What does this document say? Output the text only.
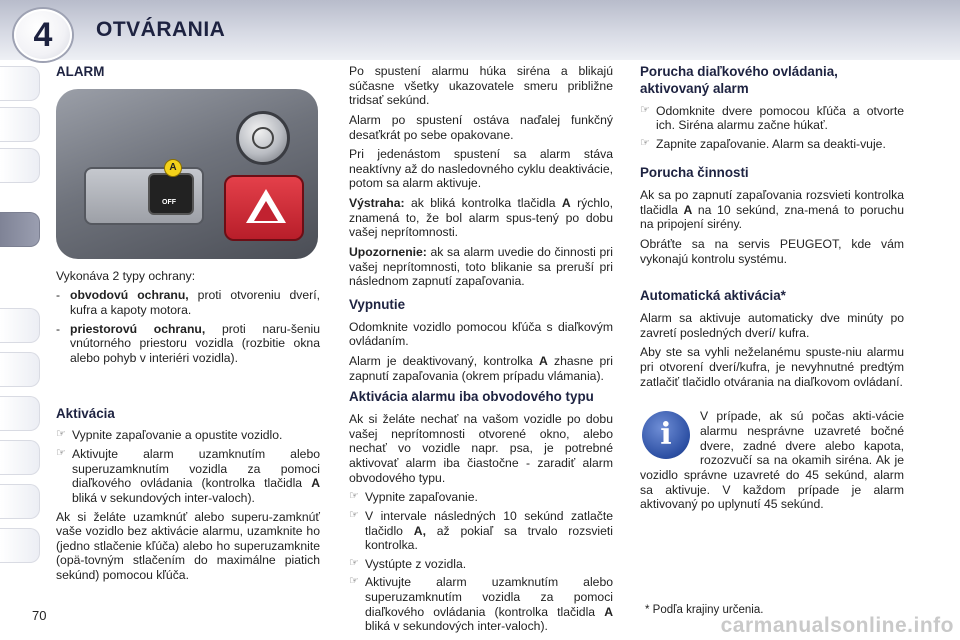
4 OTVÁRANIA
ALARM
OFF
A

Vykonáva 2 typy ochrany:

- obvodovú ochranu, proti otvoreniu dverí, kufra a kapoty motora.
- priestorovú ochranu, proti naru-šeniu vnútorného priestoru vozidla (rozbitie okna alebo pohyb v interiéri vozidla).
Aktivácia
☞ Vypnite zapaľovanie a opustite vozidlo.
☞ Aktivujte alarm uzamknutím alebo superuzamknutím vozidla za pomoci diaľkového ovládania (kontrolka tlačidla A bliká v sekundových inter-valoch).

Ak si želáte uzamknúť alebo superu-zamknúť vaše vozidlo bez aktivácie alarmu, uzamknite ho (jedno stlačenie kľúča) alebo ho superuzamknite (opä-tovným stlačením do maximálne piatich sekúnd) pomocou kľúča.

Po spustení alarmu húka siréna a blikajú súčasne všetky ukazovatele smeru približne tridsať sekúnd.

Alarm po spustení ostáva naďalej funkčný desaťkrát po sebe opakovane.

Pri jedenástom spustení sa alarm stáva neaktívny až do nasledovného cyklu deaktivácie, potom sa alarm aktivuje.

Výstraha: ak bliká kontrolka tlačidla A rýchlo, znamená to, že bol alarm spus-tený po dobu vašej neprítomnosti.

Upozornenie: ak sa alarm uvedie do činnosti pri vašej neprítomnosti, toto blikanie sa preruší pri následnom zapnutí zapaľovania.

Vypnutie

Odomknite vozidlo pomocou kľúča s diaľkovým ovládaním.

Alarm je deaktivovaný, kontrolka A zhasne pri zapnutí zapaľovania (okrem prípadu vlámania).

Aktivácia alarmu iba obvodového typu

Ak si želáte nechať na vašom vozidle po dobu vašej neprítomnosti otvorené okno, alebo nechať vo vozidle napr. psa, je potrebné aktivovať alarm iba čiastočne - zaradiť alarm obvodového typu.

☞ Vypnite zapaľovanie.
☞ V intervale následných 10 sekúnd zatlačte tlačidlo A, až pokiaľ sa trvalo rozsvieti kontrolka.
☞ Vystúpte z vozidla.
☞ Aktivujte alarm uzamknutím alebo superuzamknutím vozidla za pomoci diaľkového ovládania (kontrolka tlačidla A bliká v sekundových inter-valoch).
Porucha diaľkového ovládania, aktivovaný alarm
☞ Odomknite dvere pomocou kľúča a otvorte ich. Siréna alarmu začne húkať.
☞ Zapnite zapaľovanie. Alarm sa deakti-vuje.
Porucha činnosti

Ak sa po zapnutí zapaľovania rozsvieti kontrolka tlačidla A na 10 sekúnd, zna-mená to poruchu na pripojení sirény.

Obráťte sa na servis PEUGEOT, kde vám vykonajú kontrolu systému.

Automatická aktivácia*

Alarm sa aktivuje automaticky dve minúty po zavretí posledných dverí/ kufra.

Aby ste sa vyhli neželanému spuste-niu alarmu pri otvorení dverí/kufra, je nevyhnutné predtým zatlačiť tlačidlo otvárania na diaľkovom ovládaní.

i

V prípade, ak sú počas akti-vácie alarmu nesprávne uzavreté bočné dvere, zadné dvere alebo kapota, rozozvučí sa na okamih siréna. Ak je vozidlo správne uzavreté do 45 sekúnd, alarm sa aktivuje. V každom prípade je alarm aktivovaný po uplynutí 45 sekúnd.

* Podľa krajiny určenia.
70	carmanualsonline.info
